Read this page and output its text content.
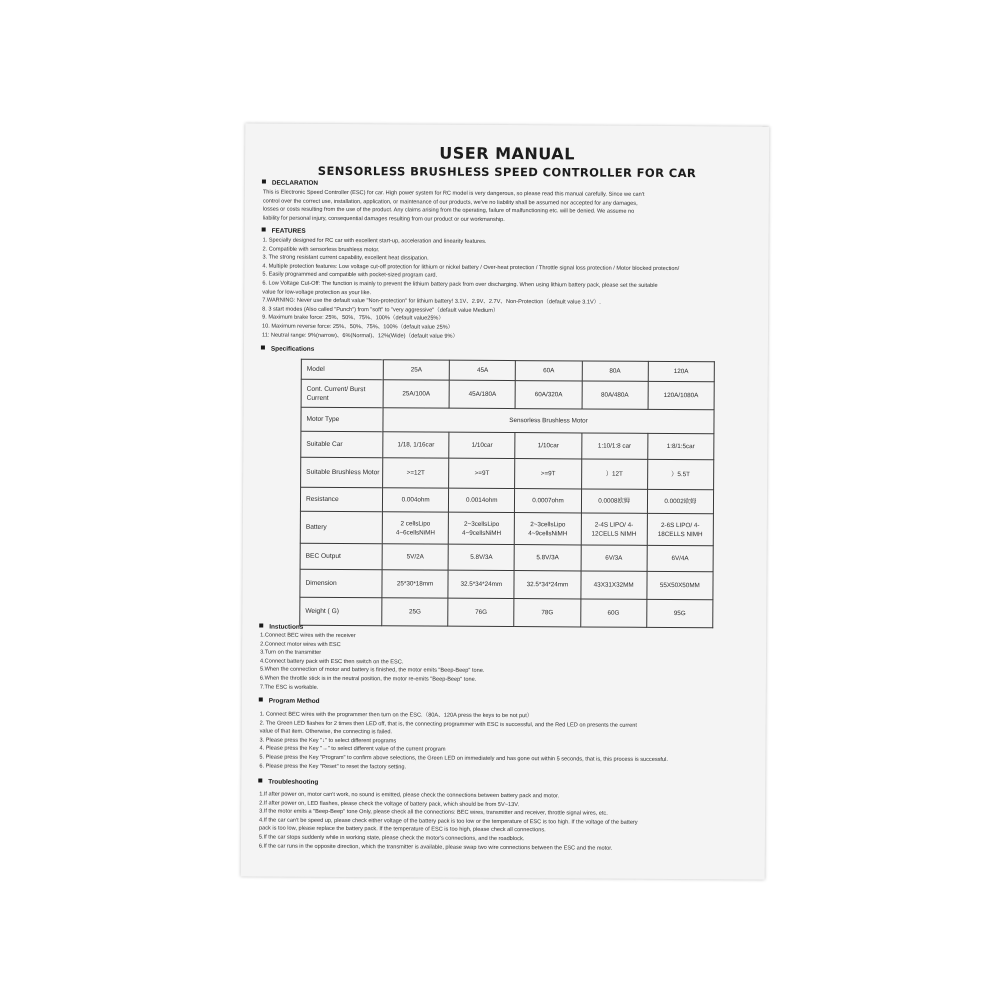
USER MANUAL
SENSORLESS BRUSHLESS SPEED CONTROLLER FOR CAR
DECLARATION
This is Electronic Speed Controller (ESC) for car. High power system for RC model is very dangerous, so please read this manual carefully. Since we can't
control over the correct use, installation, application, or maintenance of our products, we've no liability shall be assumed nor accepted for any damages,
losses or costs resulting from the use of the product. Any claims arising from the operating, failure of malfunctioning etc. will be denied. We assume no
liability for personal injury, consequential damages resulting from our product or our workmanship.
FEATURES
1. Specially designed for RC car with excellent start-up, acceleration and linearity features.
2. Compatible with sensorless brushless motor.
3. The strong resistant current capability, excellent heat dissipation.
4. Multiple protection features: Low voltage cut-off protection for lithium or nickel battery / Over-heat protection / Throttle signal loss protection / Motor blocked protection/
5. Easily programmed and compatible with pocket-sized program card.
6. Low Voltage Cut-Off: The function is mainly to prevent the lithium battery pack from over discharging. When using lithium battery pack, please set the suitable
value for low-voltage protection as your like.
7.WARNING: Never use the default value "Non-protection" for lithium battery! 3.1V、2.9V、2.7V、Non-Protection（default value 3.1V）.
8. 3 start modes (Also called "Punch") from "soft" to "very aggressive"（default value Medium）
9. Maximum brake force: 25%、50%、75%、100%（default value25%）
10. Maximum reverse force: 25%、50%、75%、100%（default value 25%）
11: Neutral range: 9%(narrow)、6%(Normal)、12%(Wide)（default value 9%）
Specifications
Model	25A	45A	60A	80A	120A
Cont. Current/ Burst Current	25A/100A	45A/180A	60A/320A	80A/480A	120A/1080A
Motor Type	Sensorless Brushless Motor				
Suitable Car	1/18, 1/16car	1/10car	1/10car	1:10/1:8 car	1:8/1:5car
Suitable Brushless Motor	>=12T	>=9T	>=9T	）12T	）5.5T
Resistance	0.004ohm	0.0014ohm	0.0007ohm	0.0008欧姆	0.0002欧姆
Battery	2 cellsLipo 4~6cellsNiMH	2~3cellsLipo 4~9cellsNiMH	2~3cellsLipo 4~9cellsNiMH	2-4S LIPO/ 4-12CELLS NIMH	2-6S LIPO/ 4-18CELLS NIMH
BEC Output	5V/2A	5.8V/3A	5.8V/3A	6V/3A	6V/4A
Dimension	25*30*18mm	32.5*34*24mm	32.5*34*24mm	43X31X32MM	55X50X50MM
Weight ( G)	25G	76G	78G	60G	95G
Instuctions
1.Connect BEC wires with the receiver
2.Connect motor wires with ESC
3.Turn on the transmitter
4.Connect battery pack with ESC then switch on the ESC.
5.When the connection of motor and battery is finished, the motor emits "Beep-Beep" tone.
6.When the throttle stick is in the neutral position, the motor re-emits "Beep-Beep" tone.
7.The ESC is workable.
Program Method
1. Connect BEC wires with the programmer then turn on the ESC.（80A、120A press the keys to be not put）
2. The Green LED flashes for 2 times then LED off, that is, the connecting programmer with ESC is successful, and the Red LED on presents the current
value of that item. Otherwise, the connecting is failed.
3. Please press the Key "↓" to select different programs
4. Please press the Key "→" to select different value of the current program
5. Please press the Key "Program" to confirm above selections, the Green LED on immediately and has gone out within 5 seconds, that is, this process is successful.
6. Please press the Key "Reset" to reset the factory setting.
Troubleshooting
1.If after power on, motor can't work, no sound is emitted, please check the connections between battery pack and motor.
2.If after power on, LED flashes, please check the voltage of battery pack, which should be from 5V~13V.
3.If the motor emits a "Beep-Beep" tone Only, please check all the connections: BEC wires, transmitter and receiver, throttle signal wires, etc.
4.If the car can't be speed up, please check either voltage of the battery pack is too low or the temperature of ESC is too high. If the voltage of the battery
pack is too low, please replace the battery pack. If the temperature of ESC is too high, please check all connections.
5.If the car stops suddenly while in working state, please check the motor's connections, and the roadblock.
6.If the car runs in the opposite direction, which the transmitter is available, please swap two wire connections between the ESC and the motor.
